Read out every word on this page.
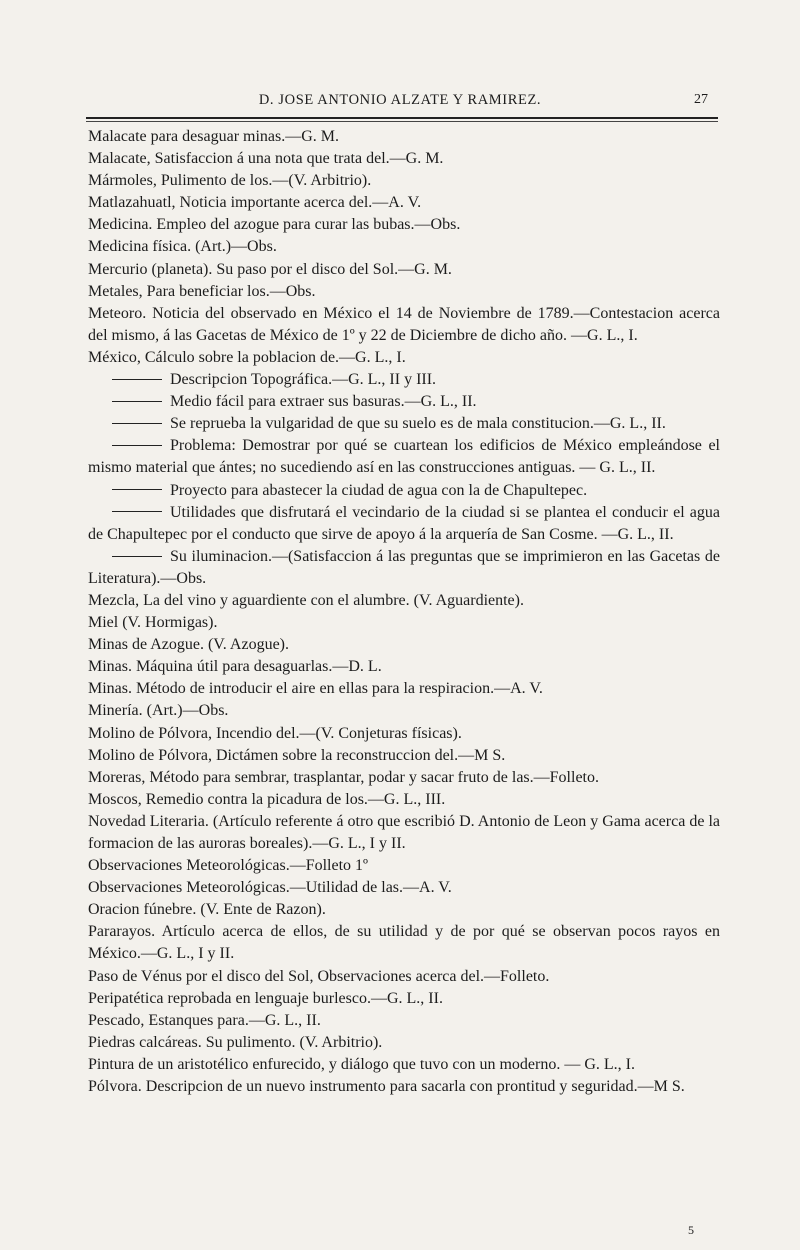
D. JOSE ANTONIO ALZATE Y RAMIREZ.	27

Malacate para desaguar minas.—G. M.

Malacate, Satisfaccion á una nota que trata del.—G. M.

Mármoles, Pulimento de los.—(V. Arbitrio).

Matlazahuatl, Noticia importante acerca del.—A. V.

Medicina. Empleo del azogue para curar las bubas.—Obs.

Medicina física. (Art.)—Obs.

Mercurio (planeta). Su paso por el disco del Sol.—G. M.

Metales, Para beneficiar los.—Obs.

Meteoro. Noticia del observado en México el 14 de Noviembre de 1789.—Contestacion acerca del mismo, á las Gacetas de México de 1º y 22 de Diciembre de dicho año. —G. L., I.

México, Cálculo sobre la poblacion de.—G. L., I.

Descripcion Topográfica.—G. L., II y III.

Medio fácil para extraer sus basuras.—G. L., II.

Se reprueba la vulgaridad de que su suelo es de mala constitucion.—G. L., II.

Problema: Demostrar por qué se cuartean los edificios de México empleándose el mismo material que ántes; no sucediendo así en las construcciones antiguas. — G. L., II.

Proyecto para abastecer la ciudad de agua con la de Chapultepec.

Utilidades que disfrutará el vecindario de la ciudad si se plantea el conducir el agua de Chapultepec por el conducto que sirve de apoyo á la arquería de San Cosme. —G. L., II.

Su iluminacion.—(Satisfaccion á las preguntas que se imprimieron en las Gacetas de Literatura).—Obs.

Mezcla, La del vino y aguardiente con el alumbre. (V. Aguardiente).

Miel (V. Hormigas).

Minas de Azogue. (V. Azogue).

Minas. Máquina útil para desaguarlas.—D. L.

Minas. Método de introducir el aire en ellas para la respiracion.—A. V.

Minería. (Art.)—Obs.

Molino de Pólvora, Incendio del.—(V. Conjeturas físicas).

Molino de Pólvora, Dictámen sobre la reconstruccion del.—M S.

Moreras, Método para sembrar, trasplantar, podar y sacar fruto de las.—Folleto.

Moscos, Remedio contra la picadura de los.—G. L., III.

Novedad Literaria. (Artículo referente á otro que escribió D. Antonio de Leon y Gama acerca de la formacion de las auroras boreales).—G. L., I y II.

Observaciones Meteorológicas.—Folleto 1º

Observaciones Meteorológicas.—Utilidad de las.—A. V.

Oracion fúnebre. (V. Ente de Razon).

Pararayos. Artículo acerca de ellos, de su utilidad y de por qué se observan pocos rayos en México.—G. L., I y II.

Paso de Vénus por el disco del Sol, Observaciones acerca del.—Folleto.

Peripatética reprobada en lenguaje burlesco.—G. L., II.

Pescado, Estanques para.—G. L., II.

Piedras calcáreas. Su pulimento. (V. Arbitrio).

Pintura de un aristotélico enfurecido, y diálogo que tuvo con un moderno. — G. L., I.

Pólvora. Descripcion de un nuevo instrumento para sacarla con prontitud y seguridad.—M S.

5
